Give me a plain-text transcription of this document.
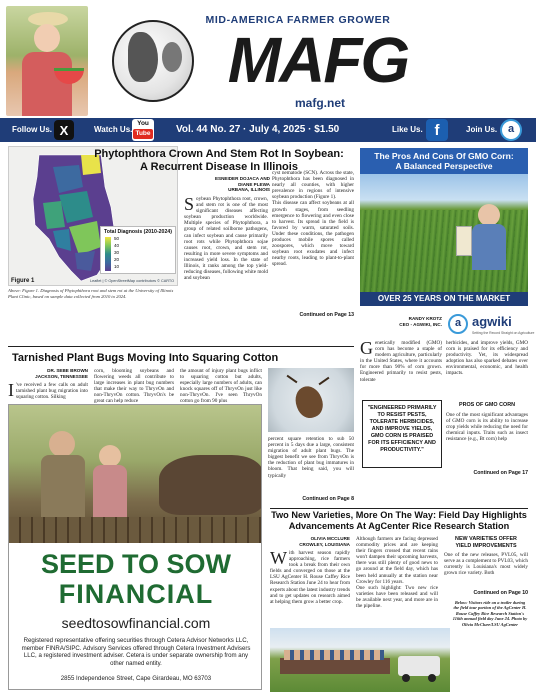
MID-AMERICA FARMER GROWER
MAFG
mafg.net
Follow Us. X	Watch Us.
You
Tube	Vol. 44 No. 27 · July 4, 2025 · $1.50	Like Us. f	Join Us. a
Total Diagnosis (2010-2024)
50
40
30
20
10
Figure 1	Leaflet | © OpenStreetMap contributors © CARTO
Above: Figure 1. Diagnosis of Phytophthora root and stem rot at the University of Illinois Plant Clinic, based on sample data collected from 2010 to 2024.
Phytophthora Crown And Stem Rot In Soybean:
A Recurrent Disease In Illinois
ESNEIDER DOJACA AND
DIANE PLEWA
URBANA, ILLINOIS
Soybean Phytophthora root, crown, and stem rot is one of the most significant diseases affecting soybean production worldwide. Multiple species of Phytophthora, a group of related soilborne pathogens, can infect soybean and cause primarily root rots while Phytophthora sojae causes root, crown, and stem rot, resulting in more severe symptoms and increased yield loss. In the state of Illinois, it ranks among the top yield-reducing diseases, following white mold and soybean
cyst nematode (SCN). Across the state, Phytophthora has been diagnosed in nearly all counties, with higher prevalence in regions of intensive soybean production (Figure 1).
This disease can affect soybeans at all growth stages, from seedling emergence to flowering and even close to harvest. Its spread in the field is favored by warm, saturated soils. Under these conditions, the pathogen produces mobile spores called zoospores, which move toward soybean root exudates and infect nearby roots, leading to plant-to-plant spread.
Continued on Page 13
The Pros And Cons Of GMO Corn:
A Balanced Perspective
OVER 25 YEARS ON THE MARKET
RANDY KROTZ
CEO - AGWIKI, INC.	a agwiki
Setting the Record Straight on Agriculture
Genetically modified (GMO) corn has become a staple of modern agriculture, particularly in the United States, where it accounts for more than 90% of corn grown. Engineered primarily to resist pests, tolerate
herbicides, and improve yields, GMO corn is praised for its efficiency and productivity. Yet, its widespread adoption has also sparked debates over environmental, economic, and health impacts.
PROS OF GMO CORN
One of the most significant advantages of GMO corn is its ability to increase crop yields while reducing the need for chemical inputs. Traits such as insect resistance (e.g., Bt corn) help
"ENGINEERED PRIMARILY TO RESIST PESTS, TOLERATE HERBICIDES, AND IMPROVE YIELDS, GMO CORN IS PRAISED FOR ITS EFFICIENCY AND PRODUCTIVITY."
Continued on Page 17
Tarnished Plant Bugs Moving Into Squaring Cotton
DR. SEBE BROWN
JACKSON, TENNESSEE
I 've received a few calls on adult tarnished plant bug migration into squaring cotton. Silking
corn, blooming soybeans and flowering weeds all contribute to large increases in plant bug numbers that make their way to ThryvOn and non-ThryvOn cotton. ThryvOn's be great can help reduce
the amount of injury plant bugs inflict to squaring cotton but adults, especially large numbers of adults, can knock squares off of ThryvOn just like non-ThryvOn. I've seen ThryvOn cotton go from 90 plus
percent square retention to sub 50 percent in 5 days due a large, consistent migration of adult plant bugs. The biggest benefit we see from ThryvOn is the reduction of plant bug immatures in bloom. That being said, you will typically
Continued on Page 8
SEED TO SOW
FINANCIAL
seedtosowfinancial.com
Registered representative offering securities through Cetera Advisor Networks LLC, member FINRA/SIPC. Advisory Services offered through Cetera Investment Advisers LLC, a registered investment adviser. Cetera is under separate ownership from any other named entity.
2855 Independence Street, Cape Girardeau, MO 63703
Two New Varieties, More On The Way: Field Day Highlights
Advancements At AgCenter Rice Research Station
OLIVIA MCCLURE
CROWLEY, LOUISIANA
With harvest season rapidly approaching, rice farmers took a break from their own fields and converged on those at the LSU AgCenter H. Rouse Caffey Rice Research Station June 24 to hear from experts about the latest industry trends and to get updates on research aimed at helping them grow a better crop.
Although farmers are facing depressed commodity prices and are keeping their fingers crossed that recent rains won't dampen their upcoming harvests, there was still plenty of good news to go around at the field day, which has been held annually at the station near Crowley for 116 years.
One such highlight: Two new rice varieties have been released and will be available next year, and more are in the pipeline.
NEW VARIETIES OFFER
YIELD IMPROVEMENTS
One of the new releases, PVL05, will serve as a complement to PVL03, which currently is Louisiana's most widely grown rice variety. Both
Continued on Page 10
Below: Visitors ride on a trailer during the field tour portion of the AgCenter H. Rouse Caffey Rice Research Station's 116th annual field day June 24. Photo by Olivia McClure/LSU AgCenter
